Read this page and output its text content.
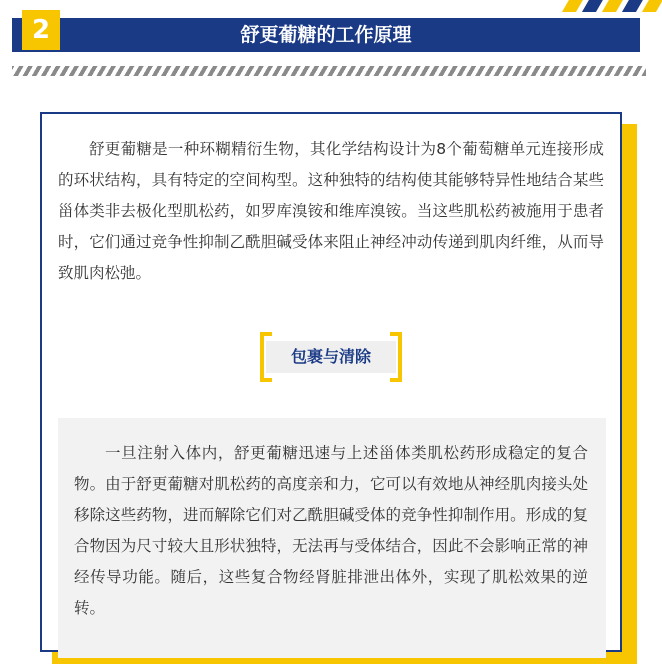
舒更葡糖的工作原理
2

舒更葡糖是一种环糊精衍生物，其化学结构设计为8个葡萄糖单元连接形成的环状结构，具有特定的空间构型。这种独特的结构使其能够特异性地结合某些甾体类非去极化型肌松药，如罗库溴铵和维库溴铵。当这些肌松药被施用于患者时，它们通过竞争性抑制乙酰胆碱受体来阻止神经冲动传递到肌肉纤维，从而导致肌肉松弛。

包裹与清除

一旦注射入体内，舒更葡糖迅速与上述甾体类肌松药形成稳定的复合物。由于舒更葡糖对肌松药的高度亲和力，它可以有效地从神经肌肉接头处移除这些药物，进而解除它们对乙酰胆碱受体的竞争性抑制作用。形成的复合物因为尺寸较大且形状独特，无法再与受体结合，因此不会影响正常的神经传导功能。随后，这些复合物经肾脏排泄出体外，实现了肌松效果的逆转。
